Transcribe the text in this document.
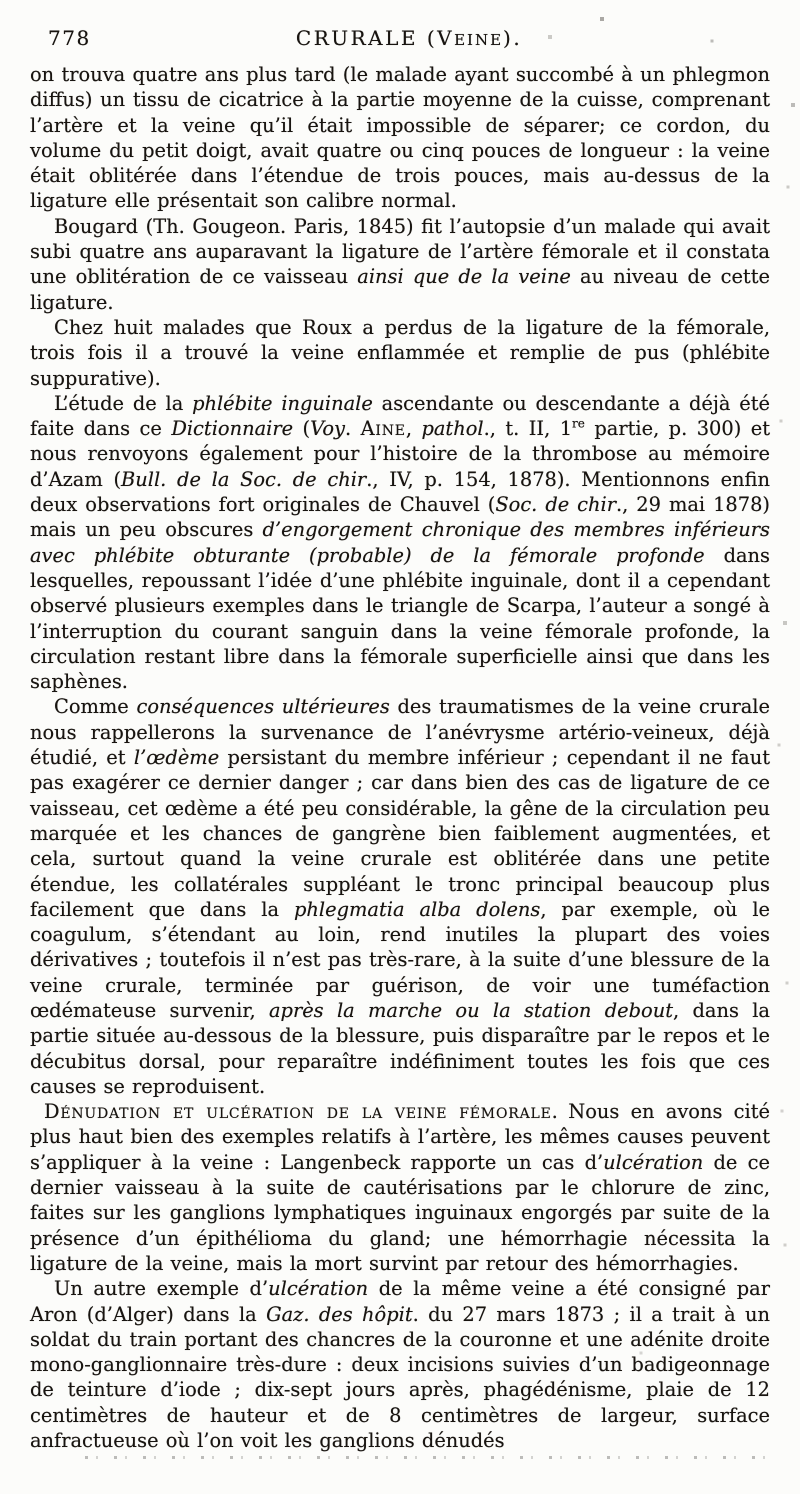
778	CRURALE (VEINE).

on trouva quatre ans plus tard (le malade ayant succombé à un phlegmon diffus) un tissu de cicatrice à la partie moyenne de la cuisse, comprenant l’artère et la veine qu’il était impossible de séparer; ce cordon, du volume du petit doigt, avait quatre ou cinq pouces de longueur : la veine était oblitérée dans l’étendue de trois pouces, mais au-dessus de la ligature elle présentait son calibre normal.

Bougard (Th. Gougeon. Paris, 1845) fit l’autopsie d’un malade qui avait subi quatre ans auparavant la ligature de l’artère fémorale et il constata une oblitération de ce vaisseau ainsi que de la veine au niveau de cette ligature.

Chez huit malades que Roux a perdus de la ligature de la fémorale, trois fois il a trouvé la veine enflammée et remplie de pus (phlébite suppurative).

L’étude de la phlébite inguinale ascendante ou descendante a déjà été faite dans ce Dictionnaire (Voy. Aine, pathol., t. II, 1re partie, p. 300) et nous renvoyons également pour l’histoire de la thrombose au mémoire d’Azam (Bull. de la Soc. de chir., IV, p. 154, 1878). Mentionnons enfin deux observations fort originales de Chauvel (Soc. de chir., 29 mai 1878) mais un peu obscures d’engorgement chronique des membres inférieurs avec phlébite obturante (probable) de la fémorale profonde dans lesquelles, repoussant l’idée d’une phlébite inguinale, dont il a cependant observé plusieurs exemples dans le triangle de Scarpa, l’auteur a songé à l’interruption du courant sanguin dans la veine fémorale profonde, la circulation restant libre dans la fémorale superficielle ainsi que dans les saphènes.

Comme conséquences ultérieures des traumatismes de la veine crurale nous rappellerons la survenance de l’anévrysme artério-veineux, déjà étudié, et l’œdème persistant du membre inférieur ; cependant il ne faut pas exagérer ce dernier danger ; car dans bien des cas de ligature de ce vaisseau, cet œdème a été peu considérable, la gêne de la circulation peu marquée et les chances de gangrène bien faiblement augmentées, et cela, surtout quand la veine crurale est oblitérée dans une petite étendue, les collatérales suppléant le tronc principal beaucoup plus facilement que dans la phlegmatia alba dolens, par exemple, où le coagulum, s’étendant au loin, rend inutiles la plupart des voies dérivatives ; toutefois il n’est pas très-rare, à la suite d’une blessure de la veine crurale, terminée par guérison, de voir une tuméfaction œdémateuse survenir, après la marche ou la station debout, dans la partie située au-dessous de la blessure, puis disparaître par le repos et le décubitus dorsal, pour reparaître indéfiniment toutes les fois que ces causes se reproduisent.

Dénudation et ulcération de la veine fémorale. Nous en avons cité plus haut bien des exemples relatifs à l’artère, les mêmes causes peuvent s’appliquer à la veine : Langenbeck rapporte un cas d’ulcération de ce dernier vaisseau à la suite de cautérisations par le chlorure de zinc, faites sur les ganglions lymphatiques inguinaux engorgés par suite de la présence d’un épithélioma du gland; une hémorrhagie nécessita la ligature de la veine, mais la mort survint par retour des hémorrhagies.

Un autre exemple d’ulcération de la même veine a été consigné par Aron (d’Alger) dans la Gaz. des hôpit. du 27 mars 1873 ; il a trait à un soldat du train portant des chancres de la couronne et une adénite droite mono-ganglionnaire très-dure : deux incisions suivies d’un badigeonnage de teinture d’iode ; dix-sept jours après, phagédénisme, plaie de 12 centimètres de hauteur et de 8 centimètres de largeur, surface anfractueuse où l’on voit les ganglions dénudés
